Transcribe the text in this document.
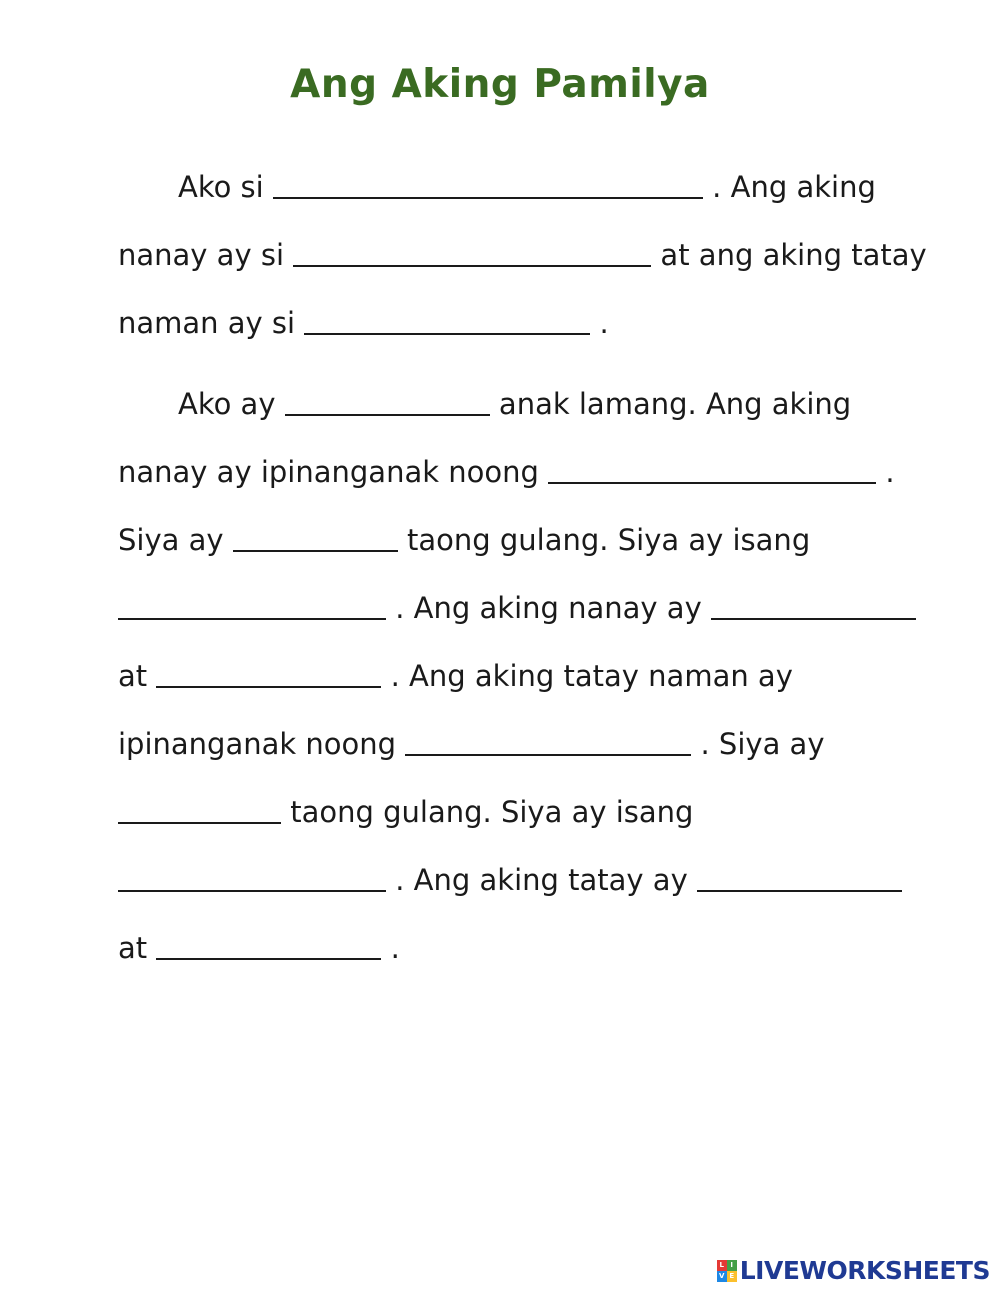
Ang Aking Pamilya
Ako si	. Ang aking
nanay ay si	at ang aking tatay
naman ay si	.
Ako ay	anak lamang. Ang aking
nanay ay ipinanganak noong	.
Siya ay	taong gulang. Siya ay isang
. Ang aking nanay ay
at	. Ang aking tatay naman ay
ipinanganak noong	. Siya ay
taong gulang. Siya ay isang
. Ang aking tatay ay
at	.
L I
V E LIVEWORKSHEETS
